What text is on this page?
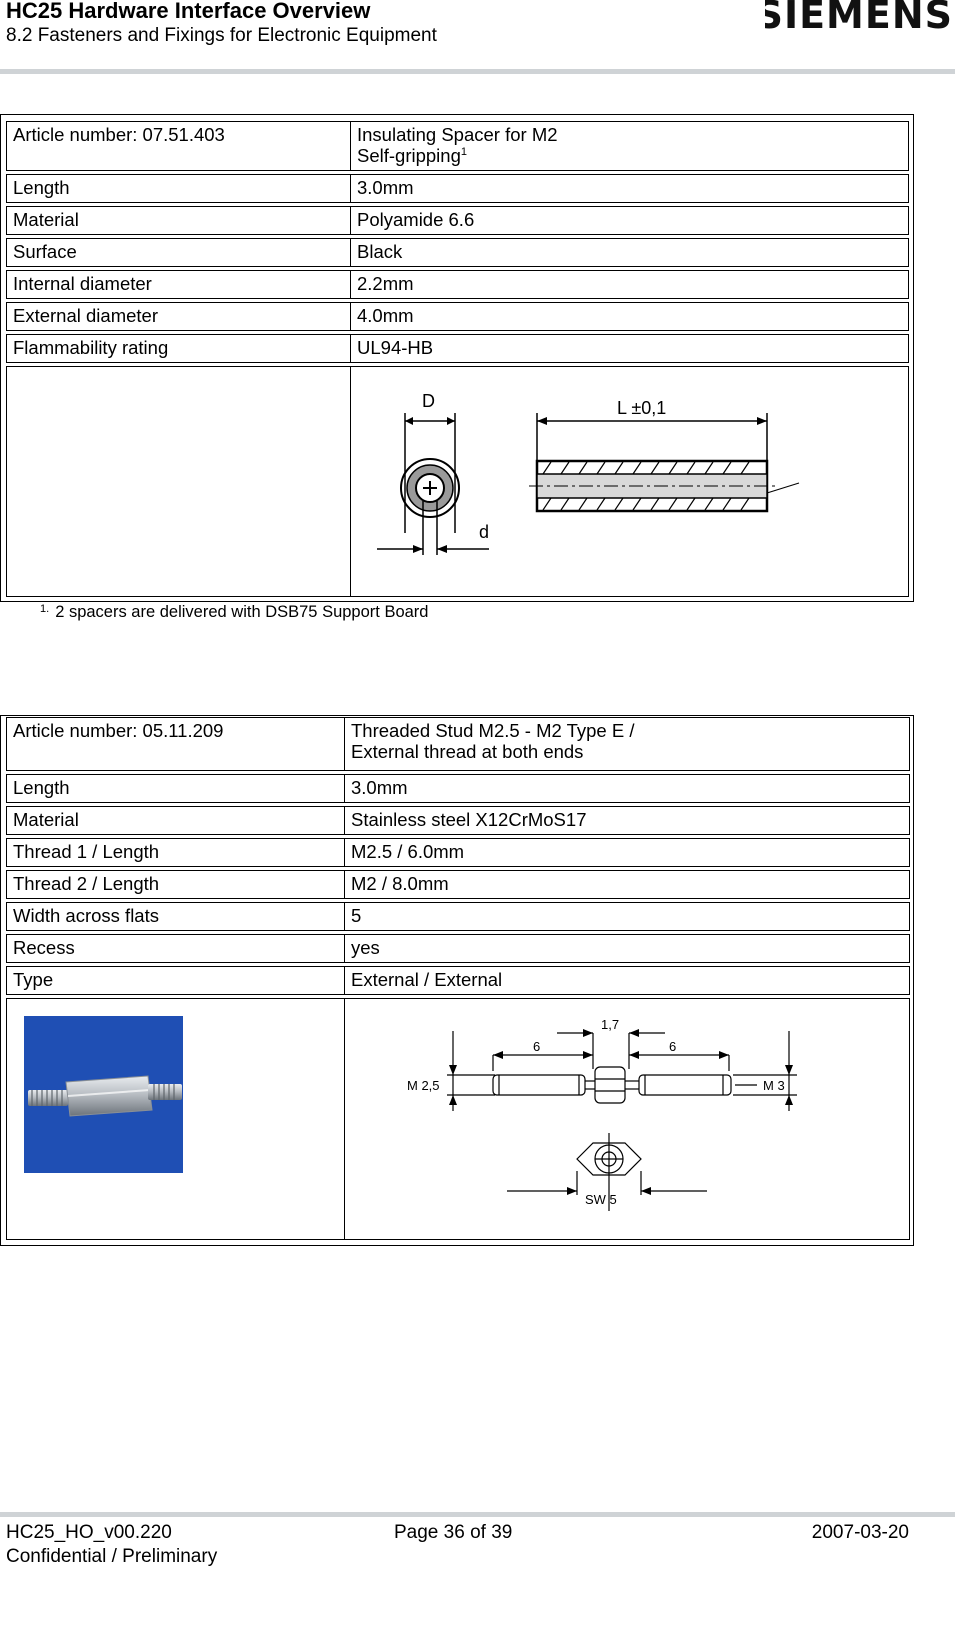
HC25 Hardware Interface Overview
8.2 Fasteners and Fixings for Electronic Equipment	SIEMENS
Article number: 07.51.403	Insulating Spacer for M2
Self-gripping$^1$
Length	3.0mm
Material	Polyamide 6.6
Surface	Black
Internal diameter	2.2mm
External diameter	4.0mm
Flammability rating	UL94-HB
D
d
L ±0,1
$^{1.}$ 2 spacers are delivered with DSB75 Support Board
Article number: 05.11.209	Threaded Stud M2.5 - M2 Type E /
External thread at both ends
Length	3.0mm
Material	Stainless steel X12CrMoS17
Thread 1 / Length	M2.5 / 6.0mm
Thread 2 / Length	M2 / 8.0mm
Width across flats	5
Recess	yes
Type	External / External
1,7
6	6
M 2,5	M 3
SW 5
HC25_HO_v00.220	Page 36 of 39	2007-03-20
Confidential / Preliminary
